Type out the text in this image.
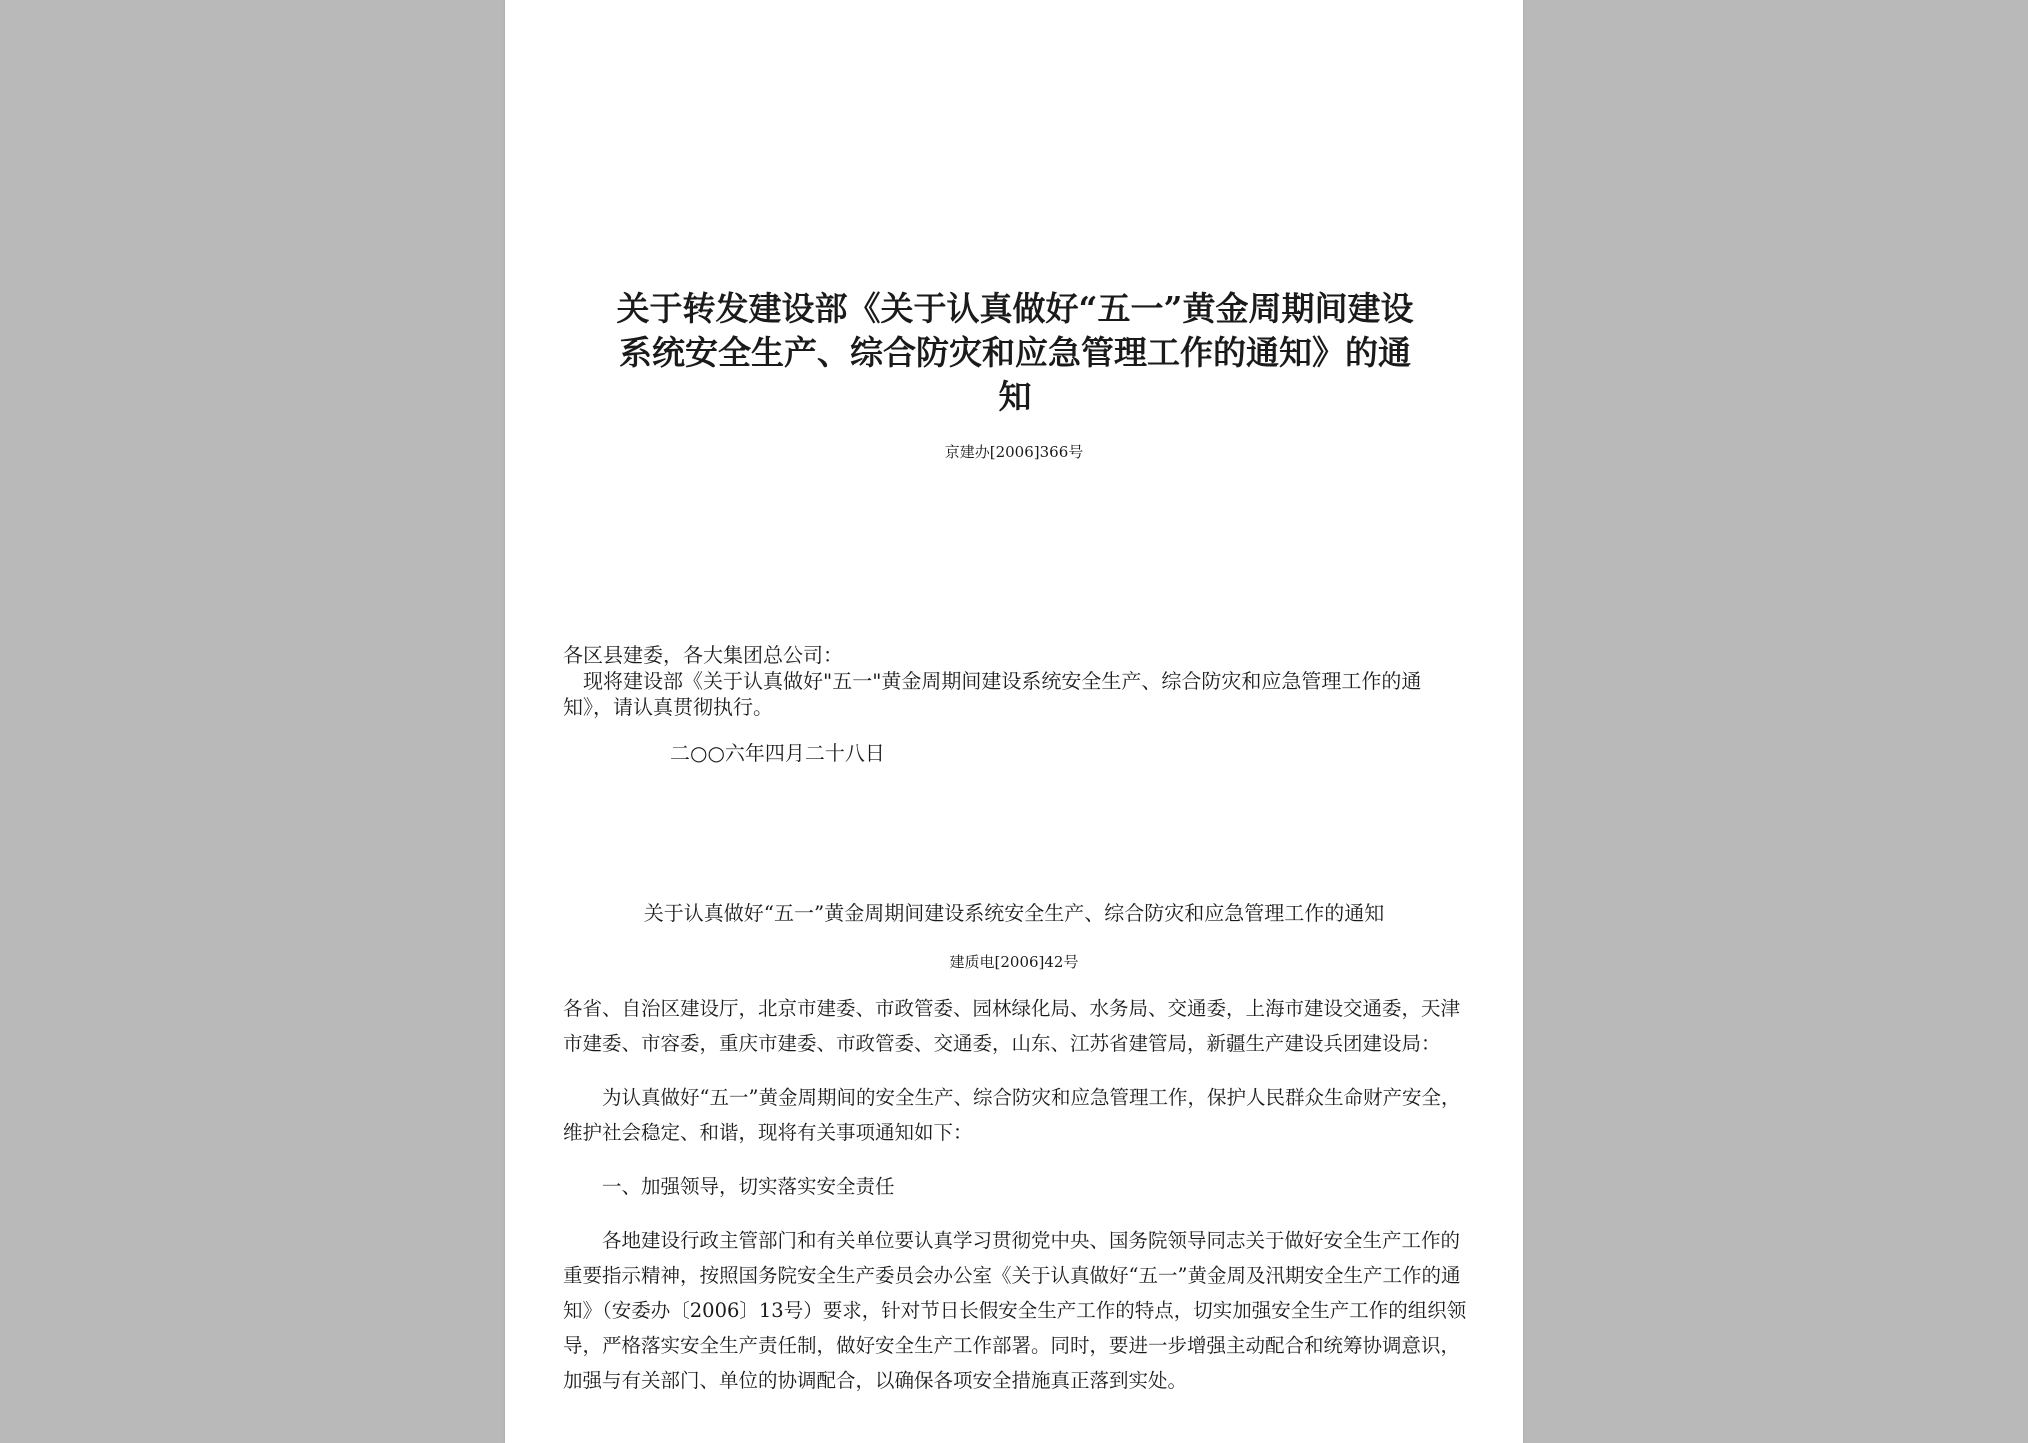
关于转发建设部《关于认真做好“五一”黄金周期间建设
系统安全生产、综合防灾和应急管理工作的通知》的通
知
京建办[2006]366号
各区县建委，各大集团总公司：
现将建设部《关于认真做好"五一"黄金周期间建设系统安全生产、综合防灾和应急管理工作的通知》，请认真贯彻执行。
二○○六年四月二十八日
关于认真做好“五一”黄金周期间建设系统安全生产、综合防灾和应急管理工作的通知
建质电[2006]42号
各省、自治区建设厅，北京市建委、市政管委、园林绿化局、水务局、交通委，上海市建设交通委，天津市建委、市容委，重庆市建委、市政管委、交通委，山东、江苏省建管局，新疆生产建设兵团建设局：
为认真做好“五一”黄金周期间的安全生产、综合防灾和应急管理工作，保护人民群众生命财产安全，维护社会稳定、和谐，现将有关事项通知如下：
一、加强领导，切实落实安全责任
各地建设行政主管部门和有关单位要认真学习贯彻党中央、国务院领导同志关于做好安全生产工作的重要指示精神，按照国务院安全生产委员会办公室《关于认真做好“五一”黄金周及汛期安全生产工作的通知》（安委办〔2006〕13号）要求，针对节日长假安全生产工作的特点，切实加强安全生产工作的组织领导，严格落实安全生产责任制，做好安全生产工作部署。同时，要进一步增强主动配合和统筹协调意识，加强与有关部门、单位的协调配合，以确保各项安全措施真正落到实处。
